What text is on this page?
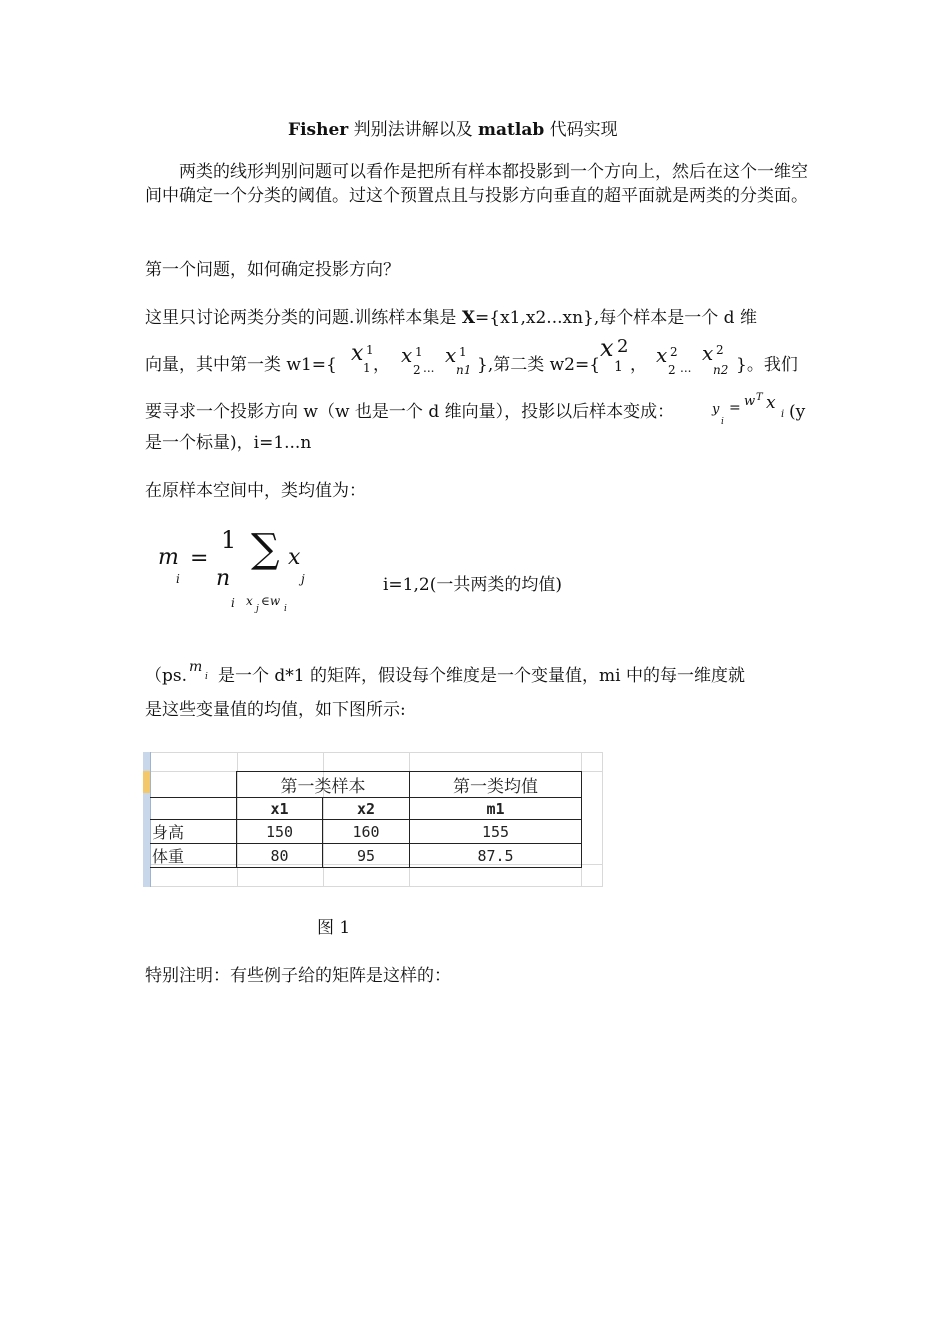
Fisher 判别法讲解以及 matlab 代码实现
两类的线形判别问题可以看作是把所有样本都投影到一个方向上，然后在这个一维空间中确定一个分类的阈值。过这个预置点且与投影方向垂直的超平面就是两类的分类面。
第一个问题，如何确定投影方向？
这里只讨论两类分类的问题.训练样本集是 X={x1,x2...xn},每个样本是一个 d 维
向量，其中第一类 w1={ x 1
1 ， x 1
2 ...
x 1
n1 },第二类 w2={
x 2
1 ， x 2
2 ...
x 2
n2 }。我们
要寻求一个投影方向 w（w 也是一个 d 维向量），投影以后样本变成：	y
i
= w T x
i (y
是一个标量)，i=1...n
在原样本空间中，类均值为：
m
i
=
1
n
∑ x
j
i x
j
∈w
i
i=1,2(一共两类的均值)
（ps. m
i 是一个 d*1 的矩阵，假设每个维度是一个变量值，mi 中的每一维度就
是这些变量值的均值，如下图所示:
	第一类样本		第一类均值
	x1	x2	m1
身高	150	160	155
体重	80	95	87.5
图 1
特别注明：有些例子给的矩阵是这样的：
